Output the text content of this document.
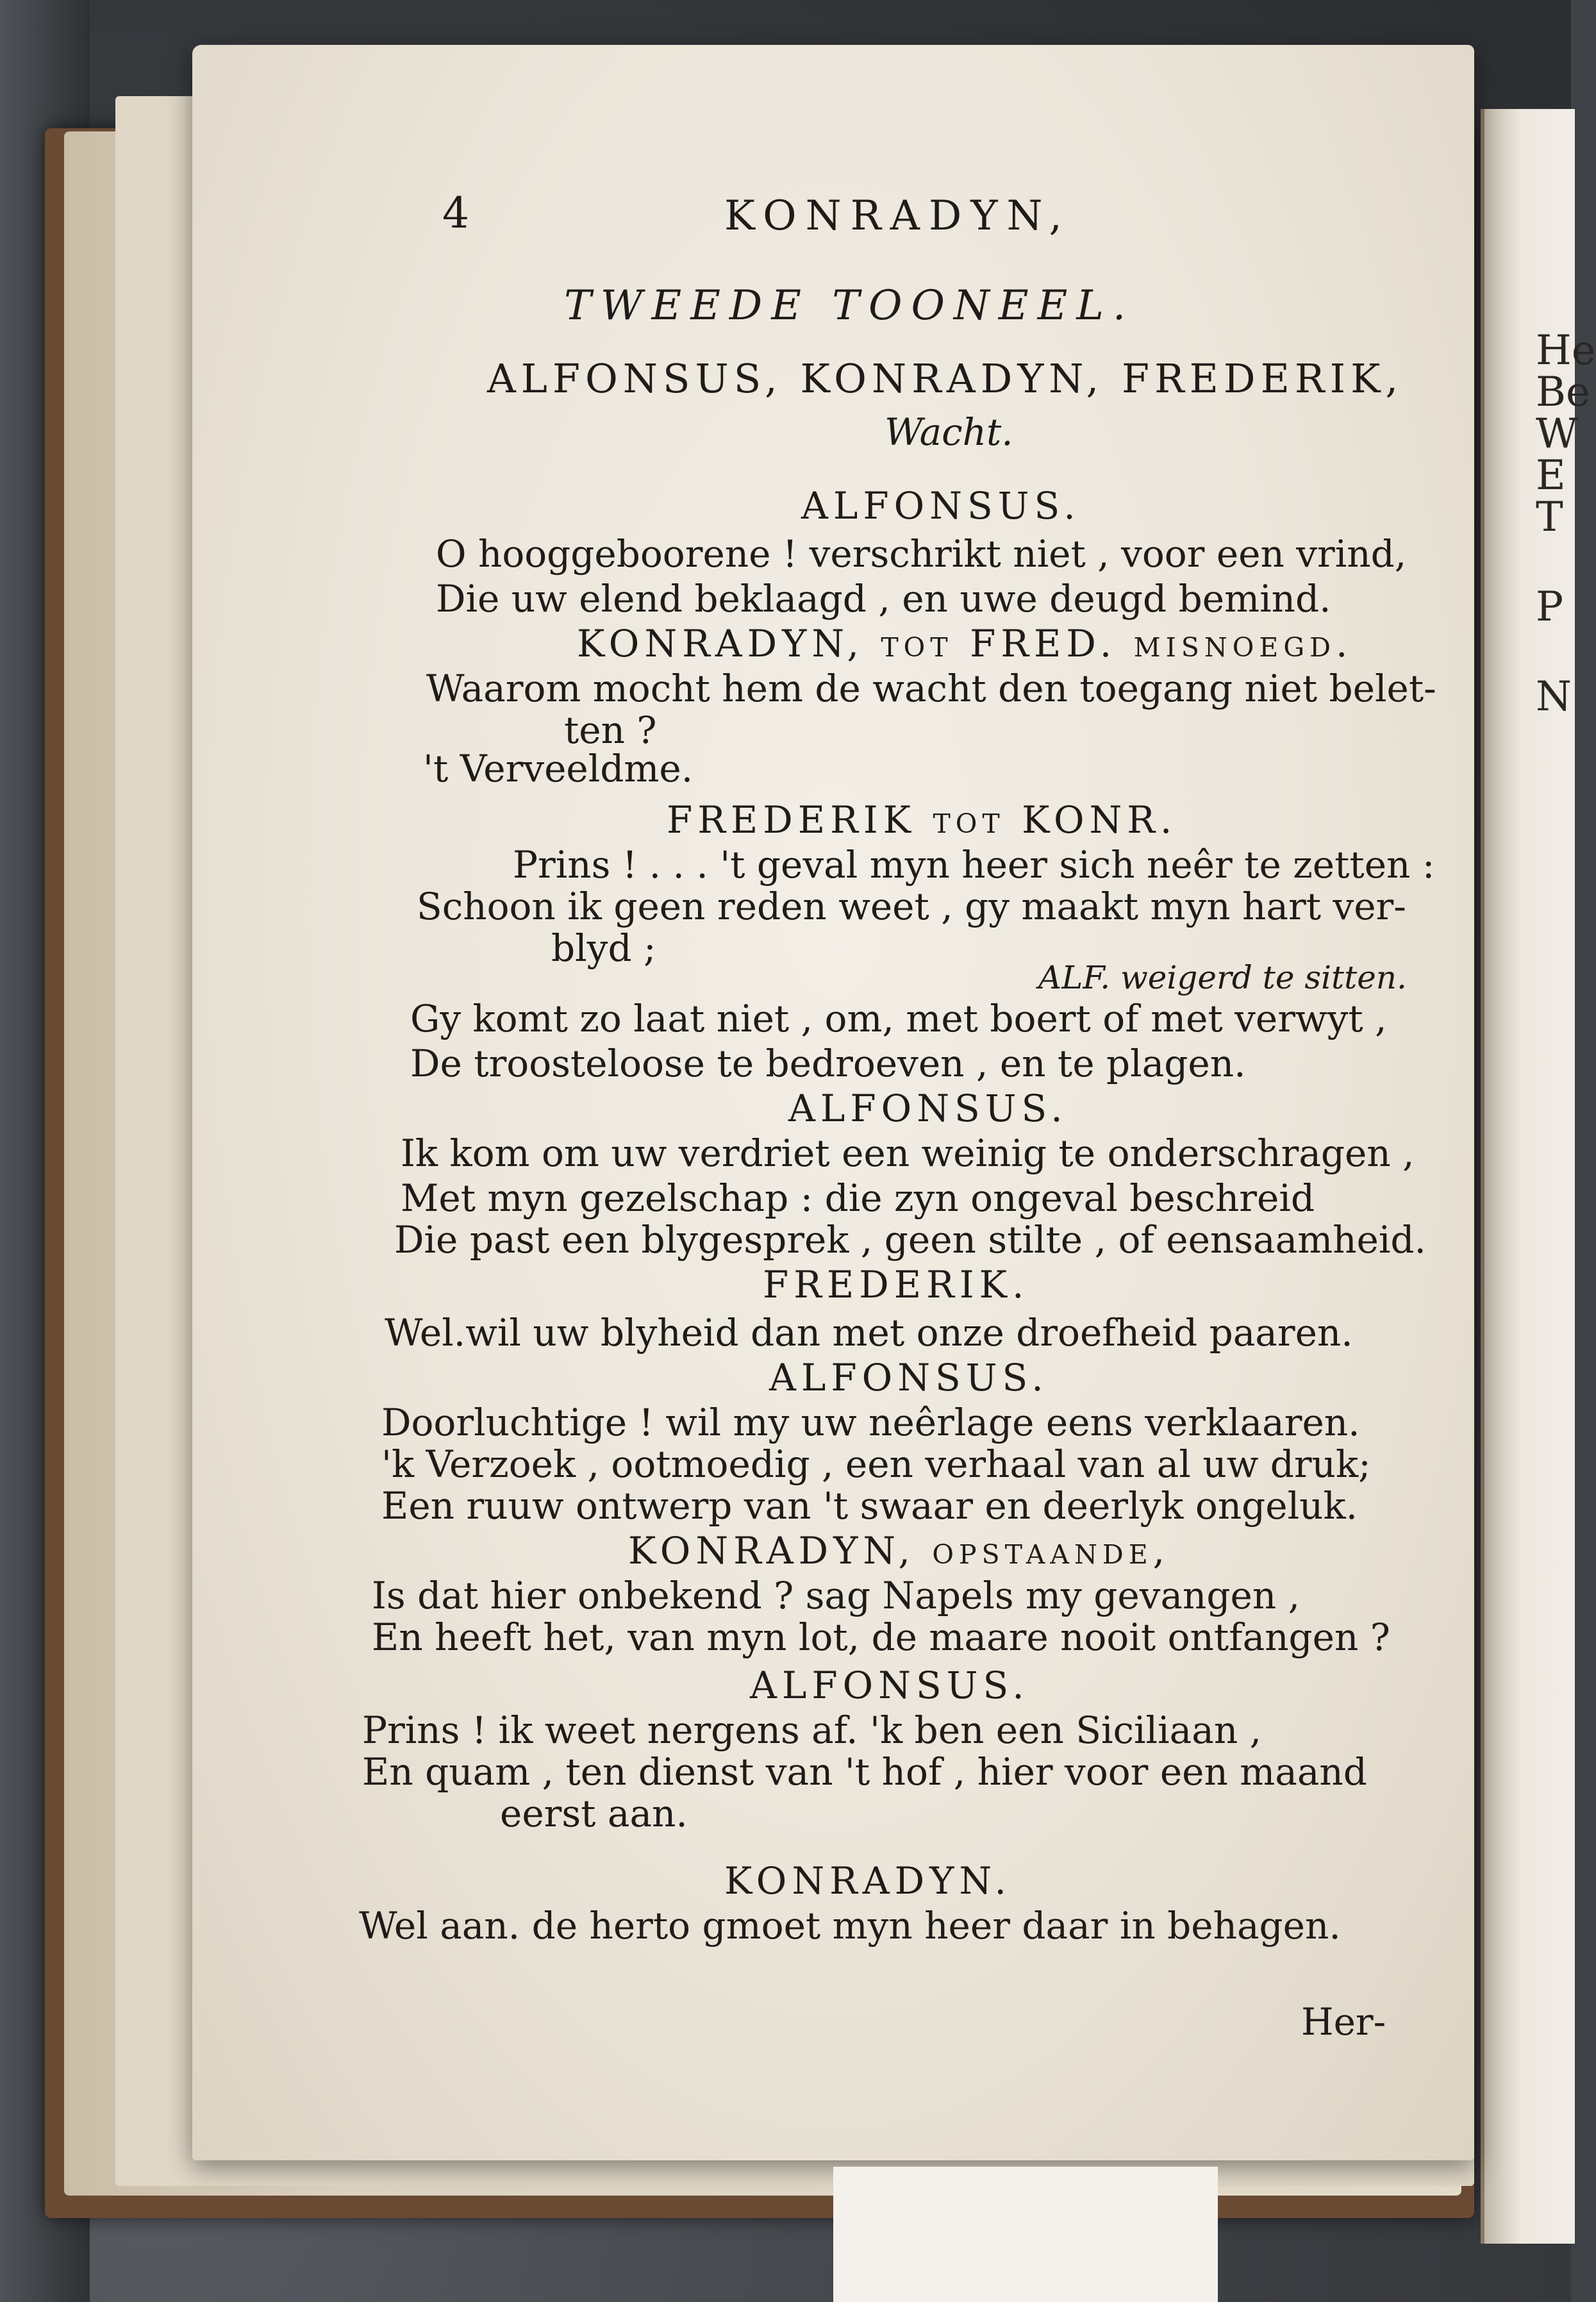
He
Be
W
E
T
P
N
4	KONRADYN,
TWEEDE TOONEEL.
ALFONSUS, KONRADYN, FREDERIK,
Wacht.
ALFONSUS.
O hooggeboorene ! verschrikt niet , voor een vrind,
Die uw elend beklaagd , en uwe deugd bemind.
KONRADYN, tot FRED. misnoegd.
Waarom mocht hem de wacht den toegang niet belet-
ten ?
't Verveeldme.
FREDERIK tot KONR.
Prins ! . . . 't geval myn heer sich neêr te zetten :
Schoon ik geen reden weet , gy maakt myn hart ver-
blyd ;
ALF. weigerd te sitten.
Gy komt zo laat niet , om, met boert of met verwyt ,
De troosteloose te bedroeven , en te plagen.
ALFONSUS.
Ik kom om uw verdriet een weinig te onderschragen ,
Met myn gezelschap : die zyn ongeval beschreid
Die past een blygesprek , geen stilte , of eensaamheid.
FREDERIK.
Wel.wil uw blyheid dan met onze droefheid paaren.
ALFONSUS.
Doorluchtige ! wil my uw neêrlage eens verklaaren.
'k Verzoek , ootmoedig , een verhaal van al uw druk;
Een ruuw ontwerp van 't swaar en deerlyk ongeluk.
KONRADYN, opstaande,
Is dat hier onbekend ? sag Napels my gevangen ,
En heeft het, van myn lot, de maare nooit ontfangen ?
ALFONSUS.
Prins ! ik weet nergens af. 'k ben een Siciliaan ,
En quam , ten dienst van 't hof , hier voor een maand
eerst aan.
KONRADYN.
Wel aan. de herto gmoet myn heer daar in behagen.
Her-
